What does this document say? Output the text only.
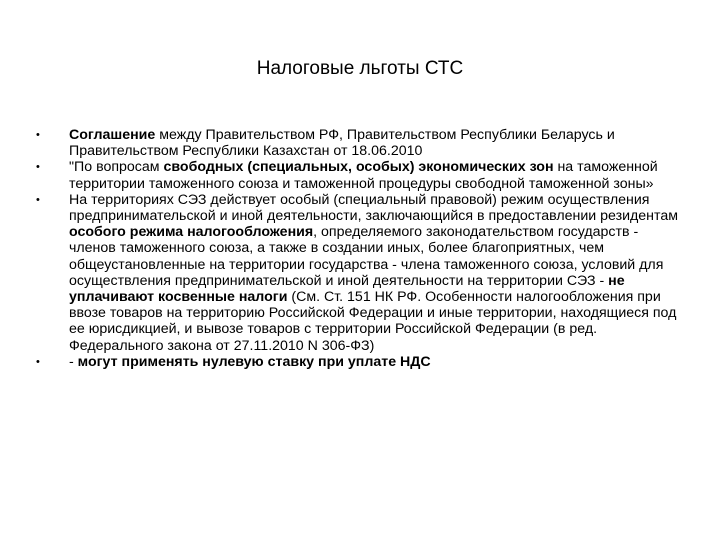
Налоговые льготы СТС
•	Соглашение между Правительством РФ, Правительством Республики Беларусь и Правительством Республики Казахстан от 18.06.2010
•	"По вопросам свободных (специальных, особых) экономических зон на таможенной территории таможенного союза и таможенной процедуры свободной таможенной зоны»
•	На территориях СЭЗ действует особый (специальный правовой) режим осуществления предпринимательской и иной деятельности, заключающийся в предоставлении резидентам особого режима налогообложения, определяемого законодательством государств - членов таможенного союза, а также в создании иных, более благоприятных, чем общеустановленные на территории государства - члена таможенного союза, условий для осуществления предпринимательской и иной деятельности на территории СЭЗ - не уплачивают косвенные налоги (См. Ст. 151 НК РФ. Особенности налогообложения при ввозе товаров на территорию Российской Федерации и иные территории, находящиеся под ее юрисдикцией, и вывозе товаров с территории Российской Федерации (в ред. Федерального закона от 27.11.2010 N 306-ФЗ)
•	- могут применять нулевую ставку при уплате НДС
